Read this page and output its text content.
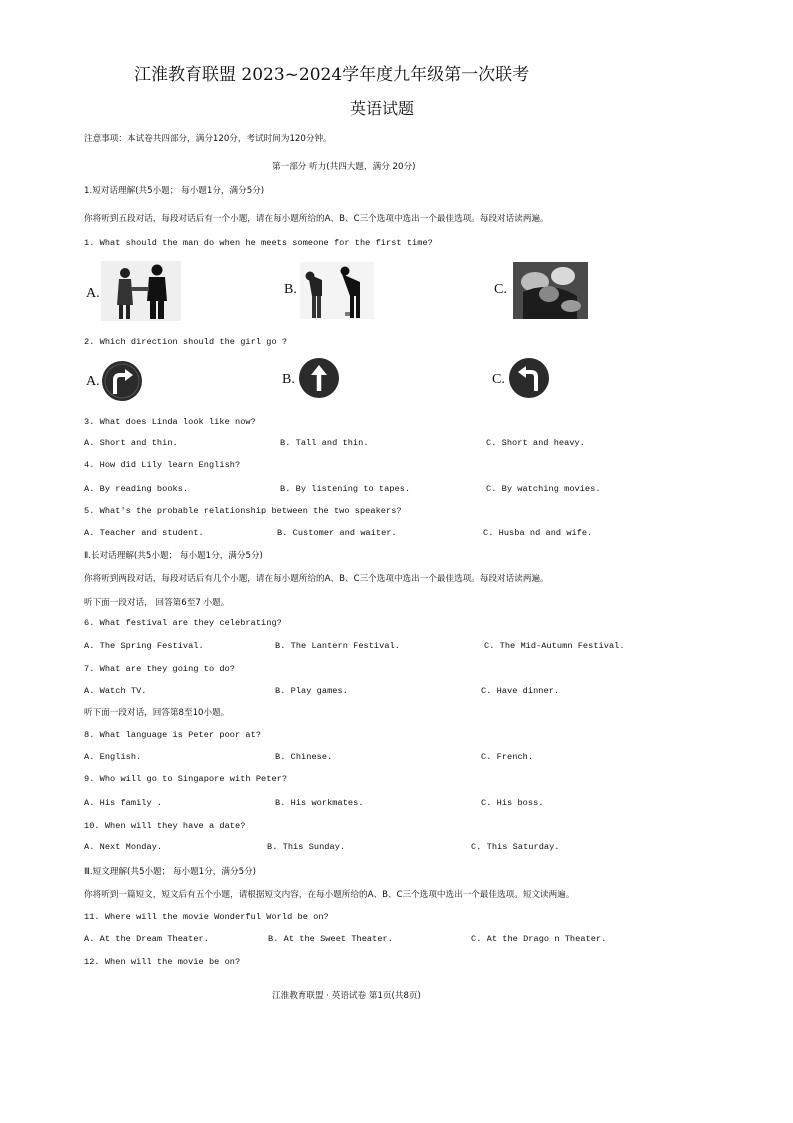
江淮教育联盟 2023~2024学年度九年级第一次联考
英语试题
注意事项：本试卷共四部分，满分120分，考试时间为120分钟。
第一部分 听力(共四大题，满分 20分)
1.短对话理解(共5小题； 每小题1分，满分5分)
你将听到五段对话，每段对话后有一个小题，请在每小题所给的A、B、C三个选项中选出一个最佳选项。每段对话读两遍。
1. What should the man do when he meets someone for the first time?
A.	B.	C.
2. Which direction should the girl go ?
A.	B.	C.
3. What does Linda look like now?
A. Short and thin.	B. Tall and thin.	C. Short and heavy.
4. How did Lily learn English?
A. By reading books.	B. By listening to tapes.	C. By watching movies.
5. What's the probable relationship between the two speakers?
A. Teacher and student.	B. Customer and waiter.	C. Husba nd and wife.
Ⅱ.长对话理解(共5小题； 每小题1分，满分5分)
你将听到两段对话，每段对话后有几个小题，请在每小题所给的A、B、C三个选项中选出一个最佳选项。每段对话读两遍。
听下面一段对话， 回答第6至7 小题。
6. What festival are they celebrating?
A. The Spring Festival.	B. The Lantern Festival.	C. The Mid-Autumn Festival.
7. What are they going to do?
A. Watch TV.	B. Play games.	C. Have dinner.
听下面一段对话，回答第8至10小题。
8. What language is Peter poor at?
A. English.	B. Chinese.	C. French.
9. Who will go to Singapore with Peter?
A. His family .	B. His workmates.	C. His boss.
10. When will they have a date?
A. Next Monday.	B. This Sunday.	C. This Saturday.
Ⅲ.短文理解(共5小题； 每小题1分，满分5分)
你将听到一篇短文，短文后有五个小题，请根据短文内容，在每小题所给的A、B、C三个选项中选出一个最佳选项。短文读两遍。
11. Where will the movie Wonderful World be on?
A. At the Dream Theater.	B. At the Sweet Theater.	C. At the Drago n Theater.
12. When will the movie be on?
江淮教育联盟 · 英语试卷 第1页(共8页)
